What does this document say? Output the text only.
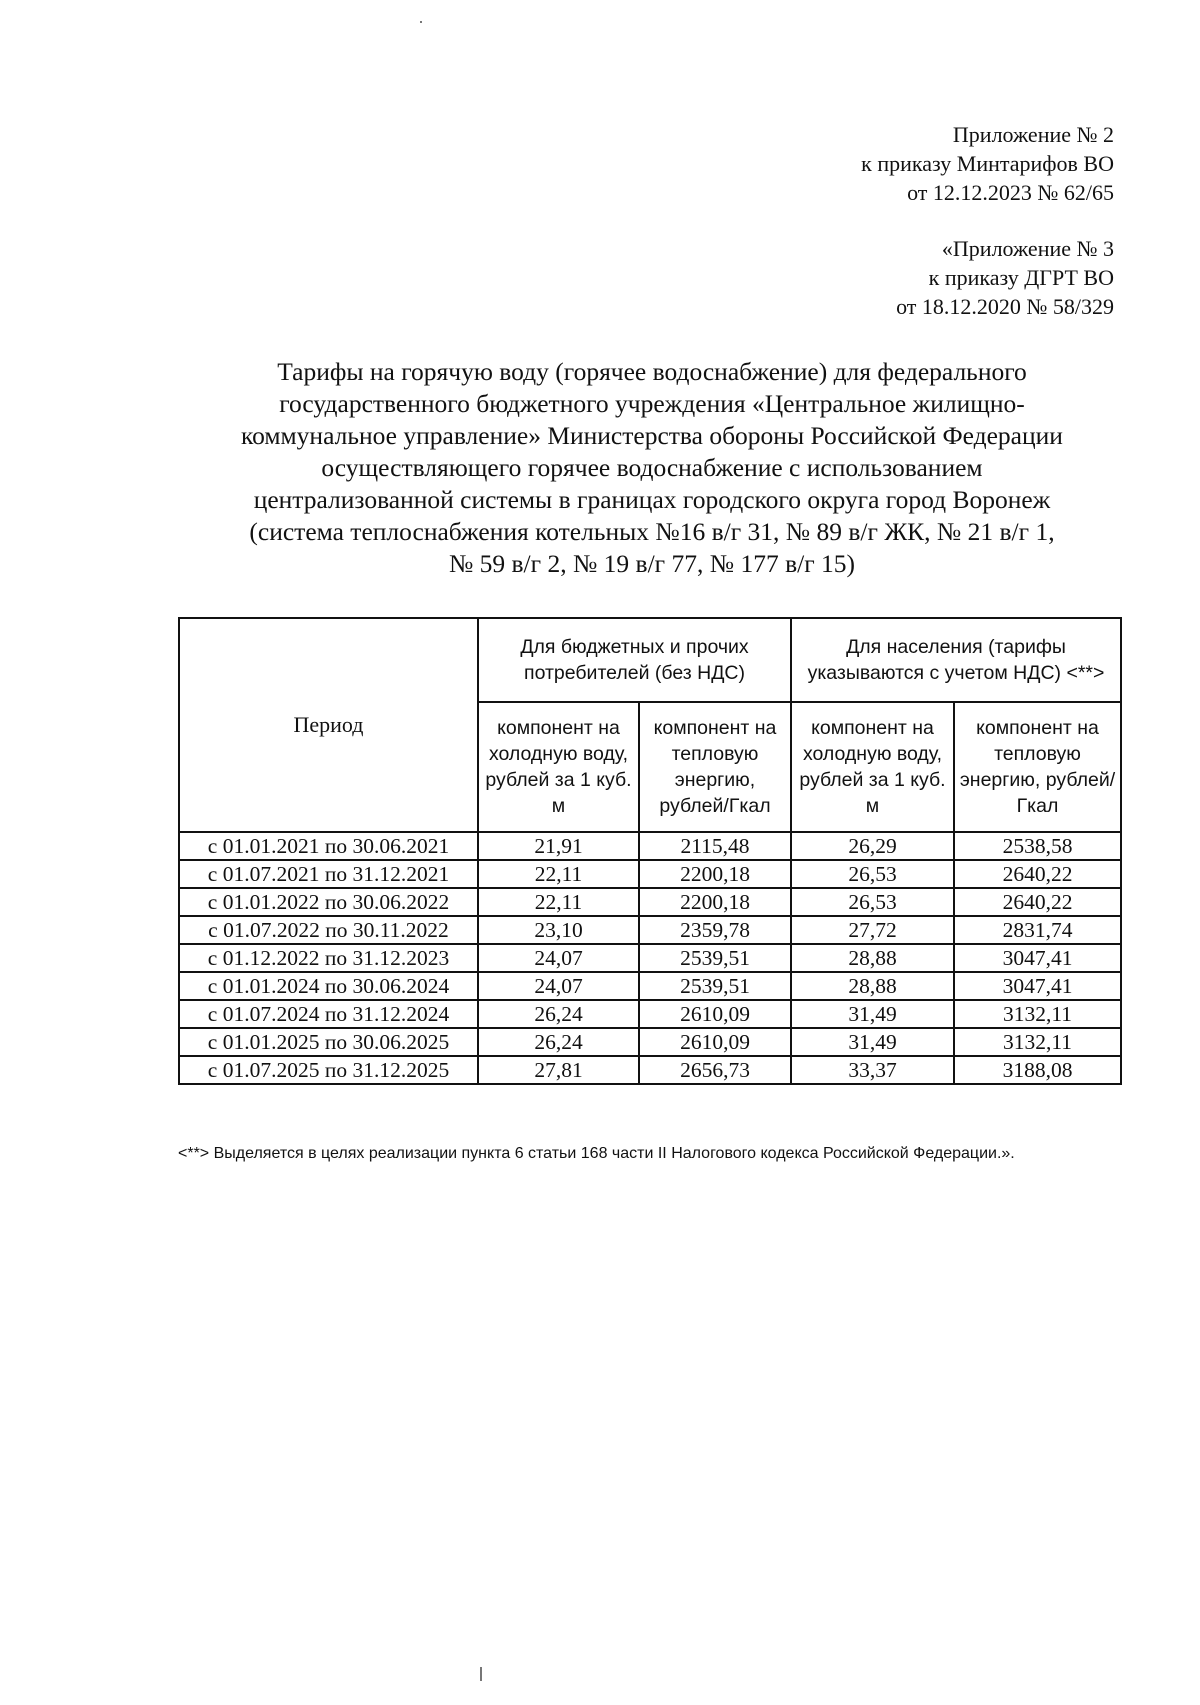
Приложение № 2
к приказу Минтарифов ВО
от 12.12.2023 № 62/65
«Приложение № 3
к приказу ДГРТ ВО
от 18.12.2020 № 58/329
Тарифы на горячую воду (горячее водоснабжение) для федерального
государственного бюджетного учреждения «Центральное жилищно-
коммунальное управление» Министерства обороны Российской Федерации
осуществляющего горячее водоснабжение с использованием
централизованной системы в границах городского округа город Воронеж
(система теплоснабжения котельных №16 в/г 31, № 89 в/г ЖК, № 21 в/г 1,
№ 59 в/г 2, № 19 в/г 77, № 177 в/г 15)
Период	Для бюджетных и прочих потребителей (без НДС)		Для населения (тарифы указываются с учетом НДС) <**>	
	компонент на холодную воду, рублей за 1 куб. м	компонент на тепловую энергию, рублей/Гкал	компонент на холодную воду, рублей за 1 куб. м	компонент на тепловую энергию, рублей/Гкал
с 01.01.2021 по 30.06.2021	21,91	2115,48	26,29	2538,58
с 01.07.2021 по 31.12.2021	22,11	2200,18	26,53	2640,22
с 01.01.2022 по 30.06.2022	22,11	2200,18	26,53	2640,22
с 01.07.2022 по 30.11.2022	23,10	2359,78	27,72	2831,74
с 01.12.2022 по 31.12.2023	24,07	2539,51	28,88	3047,41
с 01.01.2024 по 30.06.2024	24,07	2539,51	28,88	3047,41
с 01.07.2024 по 31.12.2024	26,24	2610,09	31,49	3132,11
с 01.01.2025 по 30.06.2025	26,24	2610,09	31,49	3132,11
с 01.07.2025 по 31.12.2025	27,81	2656,73	33,37	3188,08
<**> Выделяется в целях реализации пункта 6 статьи 168 части II Налогового кодекса Российской Федерации.».
